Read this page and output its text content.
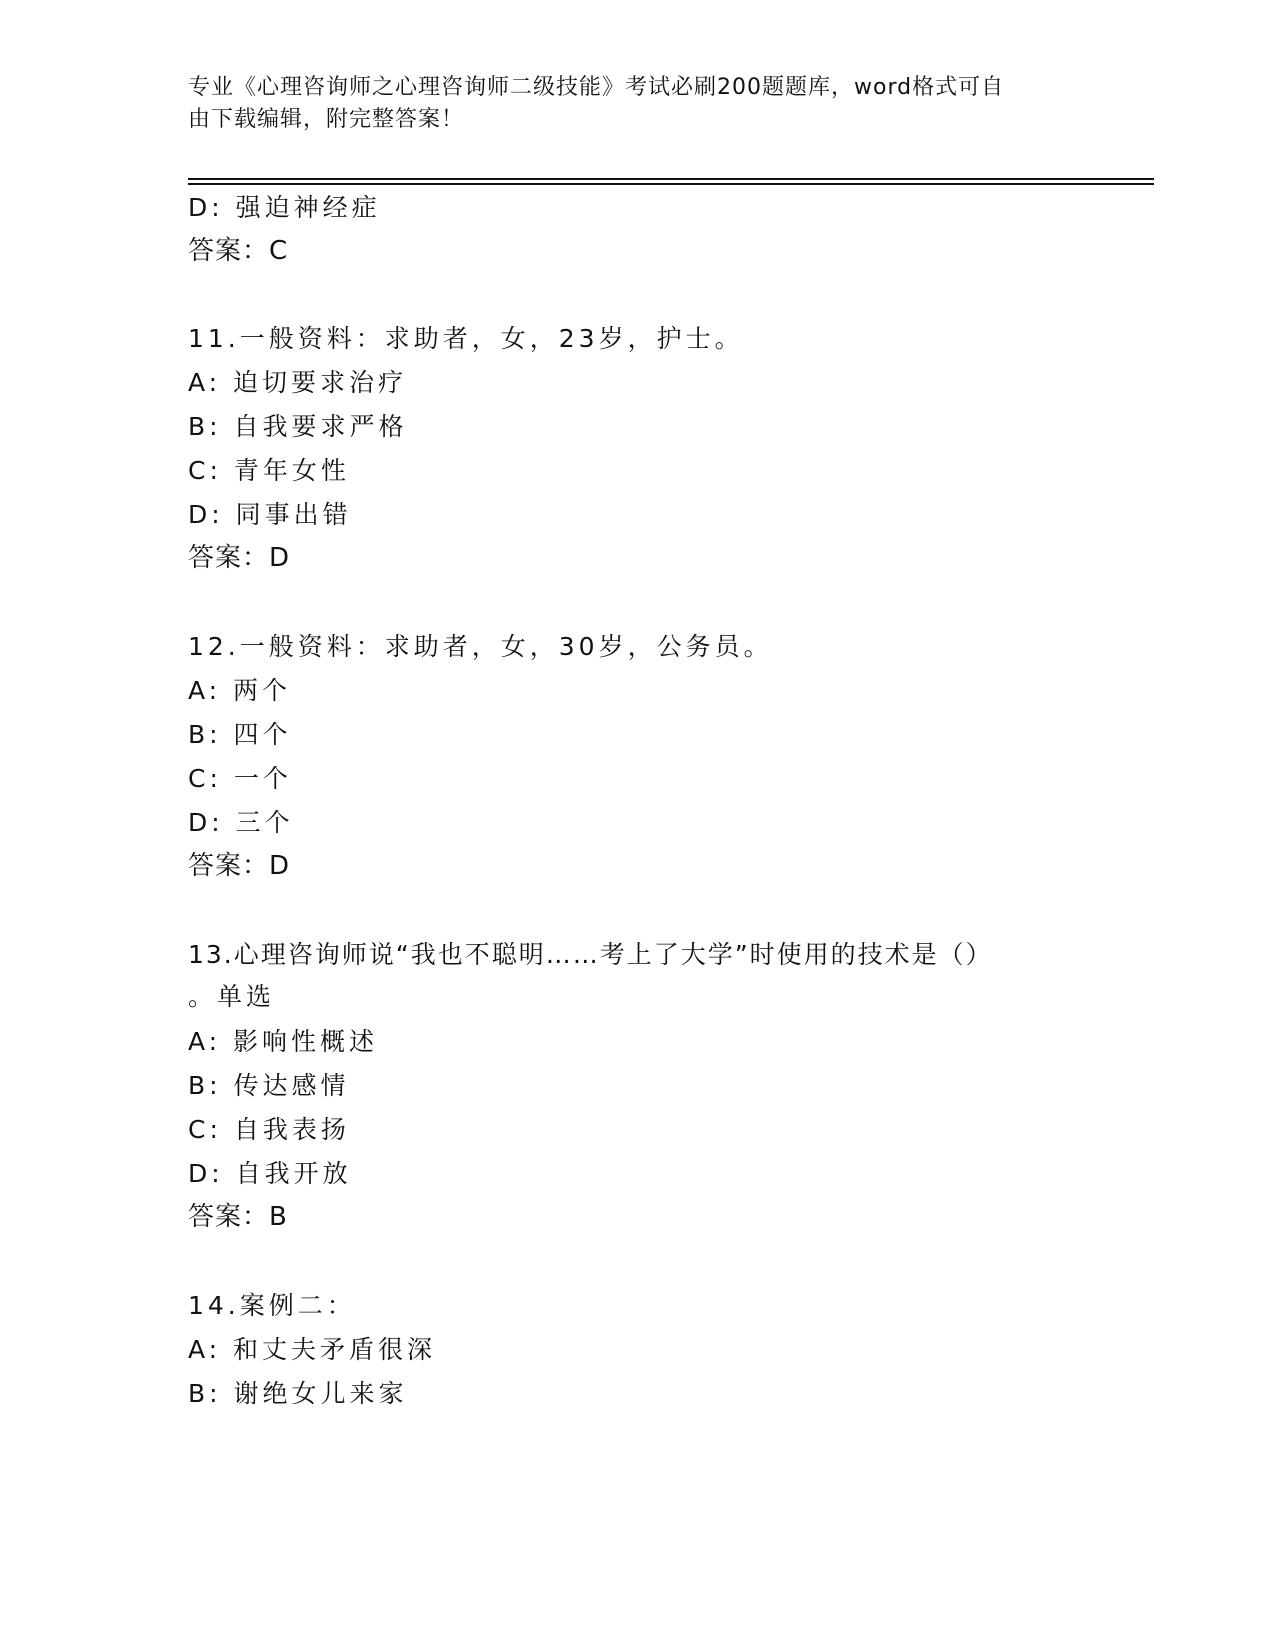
专业《心理咨询师之心理咨询师二级技能》考试必刷200题题库，word格式可自
由下载编辑，附完整答案！
D: 强迫神经症
答案：C
11.一般资料：求助者，女，23岁，护士。
A: 迫切要求治疗
B: 自我要求严格
C: 青年女性
D: 同事出错
答案：D
12.一般资料：求助者，女，30岁，公务员。
A: 两个
B: 四个
C: 一个
D: 三个
答案：D
13.心理咨询师说“我也不聪明……考上了大学”时使用的技术是（）
。单选
A: 影响性概述
B: 传达感情
C: 自我表扬
D: 自我开放
答案：B
14.案例二：
A: 和丈夫矛盾很深
B: 谢绝女儿来家
